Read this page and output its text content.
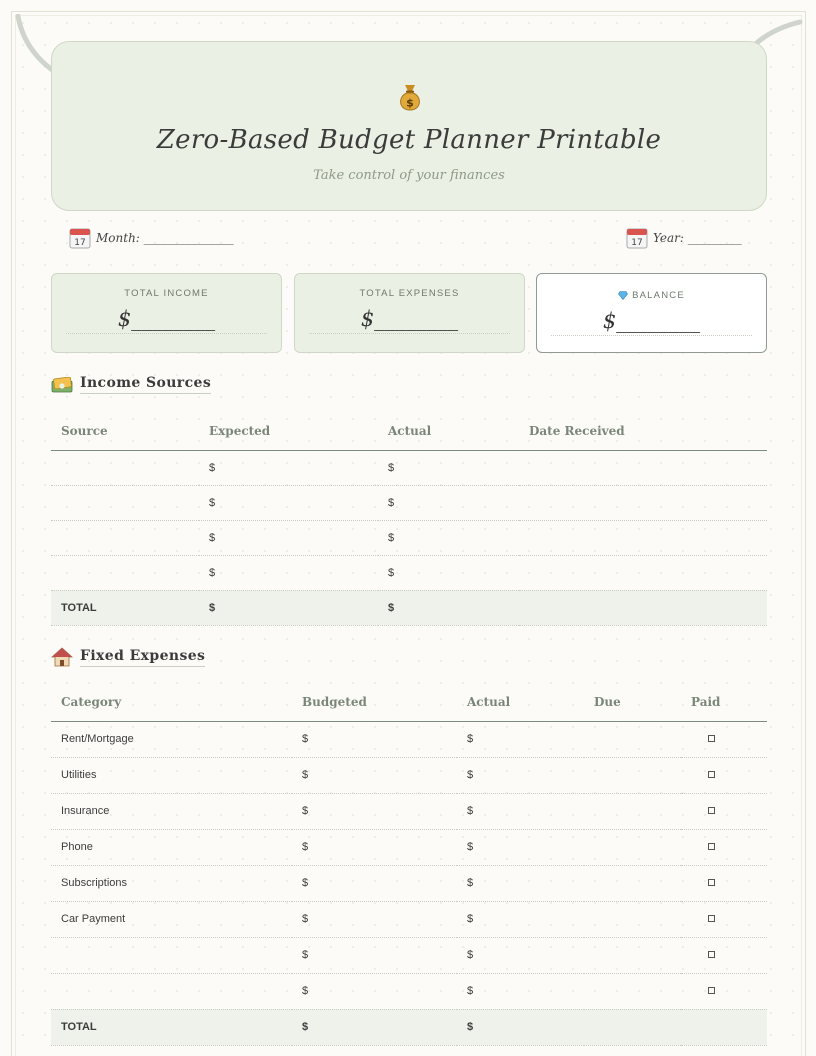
$
Zero-Based Budget Planner Printable
Take control of your finances
17 Month: _______________	17 Year: _________
TOTAL INCOME
$________
TOTAL EXPENSES
$________
BALANCE
$________
Income Sources
Source	Expected	Actual	Date Received
	$	$	
	$	$	
	$	$	
	$	$	
TOTAL	$	$	
Fixed Expenses
Category	Budgeted	Actual	Due	Paid
Rent/Mortgage	$	$		
Utilities	$	$		
Insurance	$	$		
Phone	$	$		
Subscriptions	$	$		
Car Payment	$	$		
	$	$		
	$	$		
TOTAL	$	$		
